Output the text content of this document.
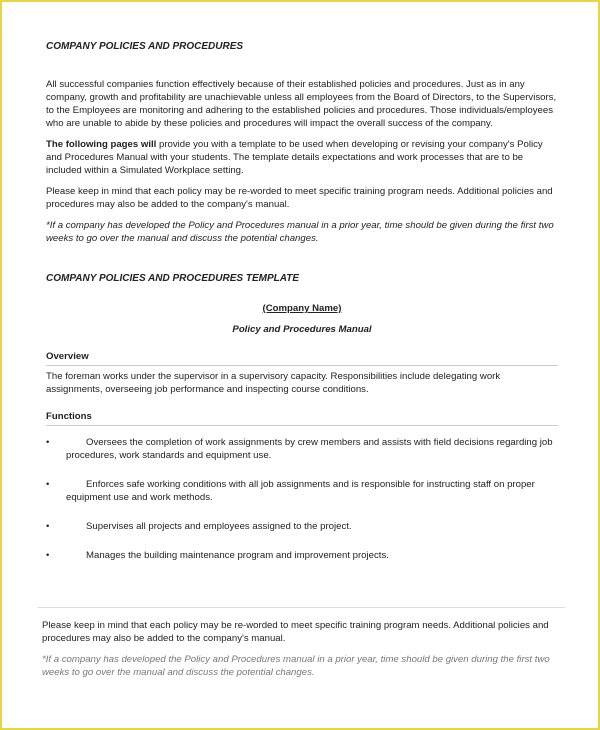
COMPANY POLICIES AND PROCEDURES

All successful companies function effectively because of their established policies and procedures. Just as in any company, growth and profitability are unachievable unless all employees from the Board of Directors, to the Supervisors, to the Employees are monitoring and adhering to the established policies and procedures. Those individuals/employees who are unable to abide by these policies and procedures will impact the overall success of the company.

The following pages will provide you with a template to be used when developing or revising your company's Policy and Procedures Manual with your students. The template details expectations and work processes that are to be included within a Simulated Workplace setting.

Please keep in mind that each policy may be re-worded to meet specific training program needs. Additional policies and procedures may also be added to the company's manual.

*If a company has developed the Policy and Procedures manual in a prior year, time should be given during the first two weeks to go over the manual and discuss the potential changes.

COMPANY POLICIES AND PROCEDURES TEMPLATE
(Company Name)
Policy and Procedures Manual
Overview
The foreman works under the supervisor in a supervisory capacity. Responsibilities include delegating work assignments, overseeing job performance and inspecting course conditions.
Functions
•	Oversees the completion of work assignments by crew members and assists with field decisions regarding job procedures, work standards and equipment use.
•	Enforces safe working conditions with all job assignments and is responsible for instructing staff on proper equipment use and work methods.
•	Supervises all projects and employees assigned to the project.
•	Manages the building maintenance program and improvement projects.

Please keep in mind that each policy may be re-worded to meet specific training program needs. Additional policies and procedures may also be added to the company's manual.

*If a company has developed the Policy and Procedures manual in a prior year, time should be given during the first two weeks to go over the manual and discuss the potential changes.
